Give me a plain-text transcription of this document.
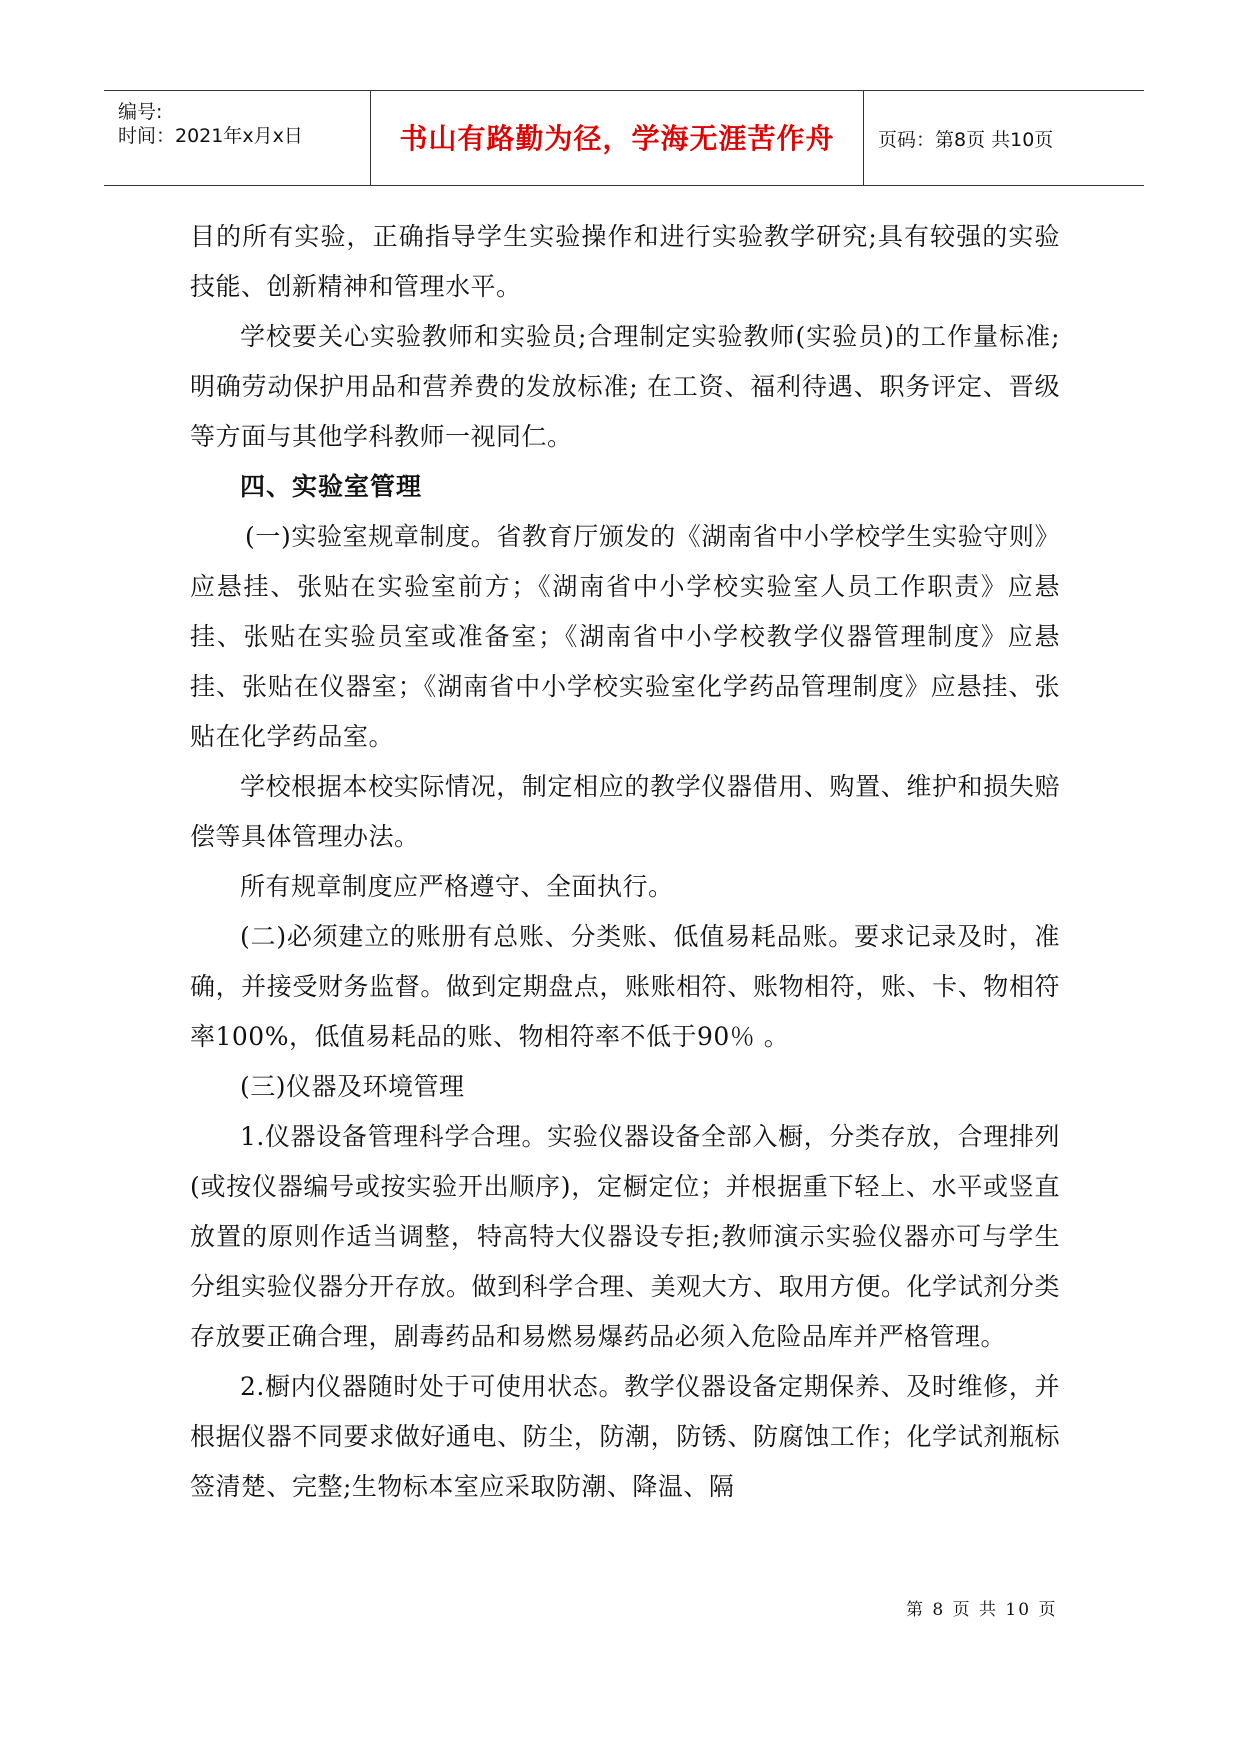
编号:
时间：2021年x月x日	书山有路勤为径，学海无涯苦作舟	页码：第8页 共10页

目的所有实验，正确指导学生实验操作和进行实验教学研究;具有较强的实验技能、创新精神和管理水平。

学校要关心实验教师和实验员;合理制定实验教师(实验员)的工作量标准; 明确劳动保护用品和营养费的发放标准; 在工资、福利待遇、职务评定、晋级等方面与其他学科教师一视同仁。

四、实验室管理

(一)实验室规章制度。省教育厅颁发的《湖南省中小学校学生实验守则》应悬挂、张贴在实验室前方；《湖南省中小学校实验室人员工作职责》应悬挂、张贴在实验员室或准备室；《湖南省中小学校教学仪器管理制度》应悬挂、张贴在仪器室；《湖南省中小学校实验室化学药品管理制度》应悬挂、张贴在化学药品室。

学校根据本校实际情况，制定相应的教学仪器借用、购置、维护和损失赔偿等具体管理办法。

所有规章制度应严格遵守、全面执行。

(二)必须建立的账册有总账、分类账、低值易耗品账。要求记录及时，准确，并接受财务监督。做到定期盘点，账账相符、账物相符，账、卡、物相符率100%，低值易耗品的账、物相符率不低于90％ 。

(三)仪器及环境管理

1.仪器设备管理科学合理。实验仪器设备全部入橱，分类存放，合理排列(或按仪器编号或按实验开出顺序)，定橱定位；并根据重下轻上、水平或竖直放置的原则作适当调整，特高特大仪器设专拒;教师演示实验仪器亦可与学生分组实验仪器分开存放。做到科学合理、美观大方、取用方便。化学试剂分类存放要正确合理，剧毒药品和易燃易爆药品必须入危险品库并严格管理。

2.橱内仪器随时处于可使用状态。教学仪器设备定期保养、及时维修，并根据仪器不同要求做好通电、防尘，防潮，防锈、防腐蚀工作；化学试剂瓶标签清楚、完整;生物标本室应采取防潮、降温、隔

第 8 页 共 10 页
